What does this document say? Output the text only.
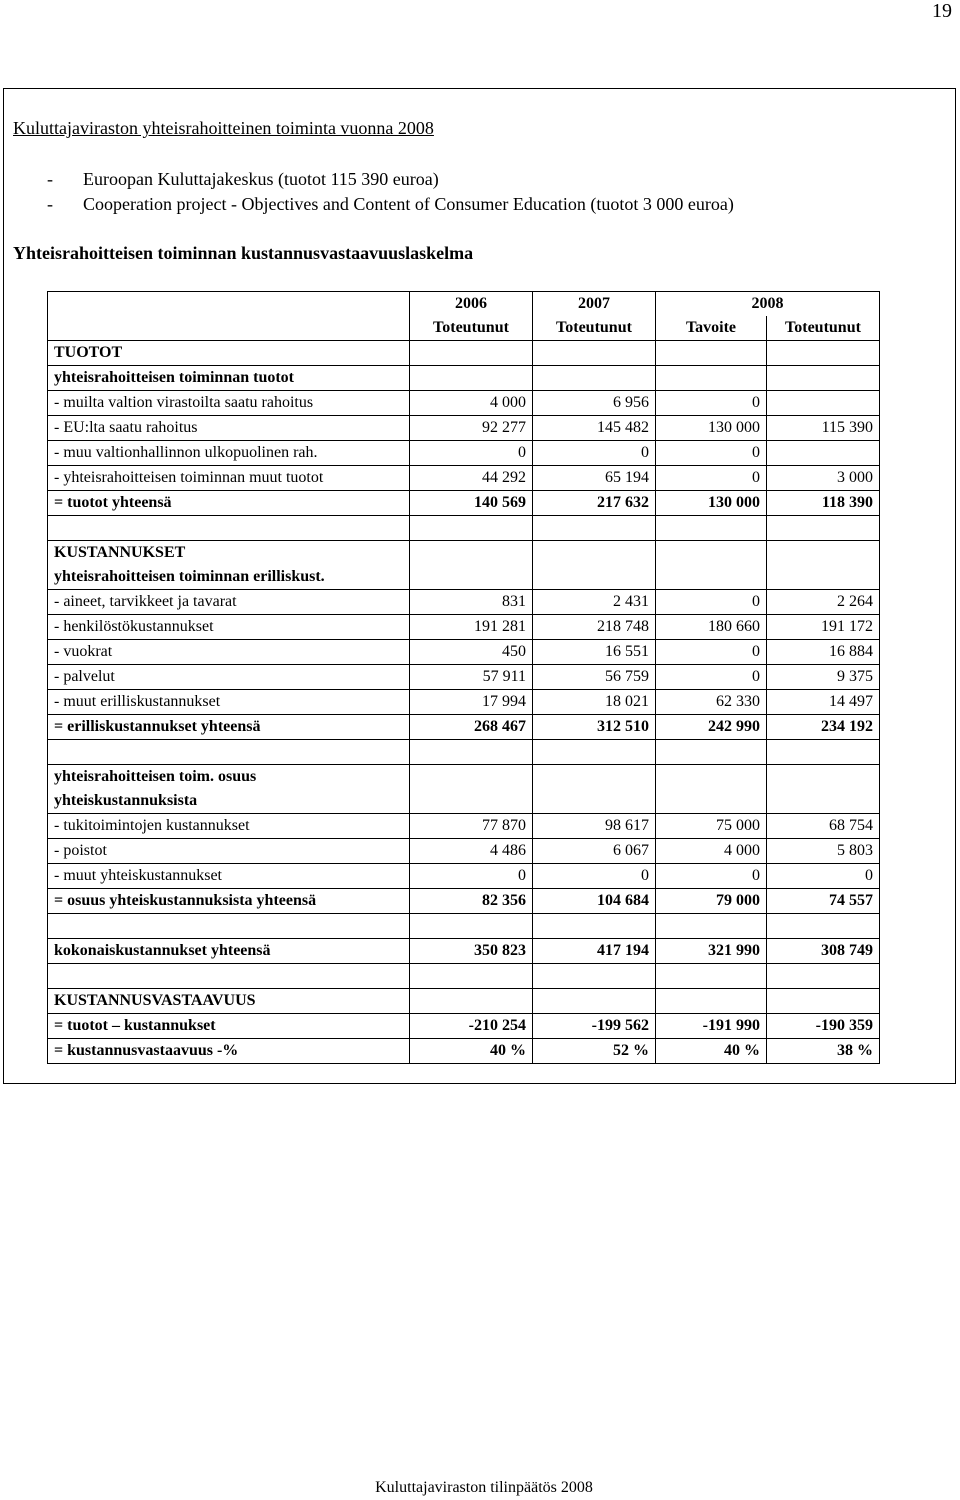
19
Kuluttajaviraston yhteisrahoitteinen toiminta vuonna 2008
- Euroopan Kuluttajakeskus (tuotot 115 390 euroa)
- Cooperation project - Objectives and Content of Consumer Education (tuotot 3 000 euroa)
Yhteisrahoitteisen toiminnan kustannusvastaavuuslaskelma
	2006	2007	2008	
	Toteutunut	Toteutunut	Tavoite	Toteutunut
TUOTOT				
yhteisrahoitteisen toiminnan tuotot				
- muilta valtion virastoilta saatu rahoitus	4 000	6 956	0	
- EU:lta saatu rahoitus	92 277	145 482	130 000	115 390
- muu valtionhallinnon ulkopuolinen rah.	0	0	0	
- yhteisrahoitteisen toiminnan muut tuotot	44 292	65 194	0	3 000
= tuotot yhteensä	140 569	217 632	130 000	118 390

KUSTANNUKSET				
yhteisrahoitteisen toiminnan erilliskust.				
- aineet, tarvikkeet ja tavarat	831	2 431	0	2 264
- henkilöstökustannukset	191 281	218 748	180 660	191 172
- vuokrat	450	16 551	0	16 884
- palvelut	57 911	56 759	0	9 375
- muut erilliskustannukset	17 994	18 021	62 330	14 497
= erilliskustannukset yhteensä	268 467	312 510	242 990	234 192

yhteisrahoitteisen toim. osuus				
yhteiskustannuksista				
- tukitoimintojen kustannukset	77 870	98 617	75 000	68 754
- poistot	4 486	6 067	4 000	5 803
- muut yhteiskustannukset	0	0	0	0
= osuus yhteiskustannuksista yhteensä	82 356	104 684	79 000	74 557

kokonaiskustannukset yhteensä	350 823	417 194	321 990	308 749

KUSTANNUSVASTAAVUUS				
= tuotot – kustannukset	-210 254	-199 562	-191 990	-190 359
= kustannusvastaavuus -%	40 %	52 %	40 %	38 %
Kuluttajaviraston tilinpäätös 2008
